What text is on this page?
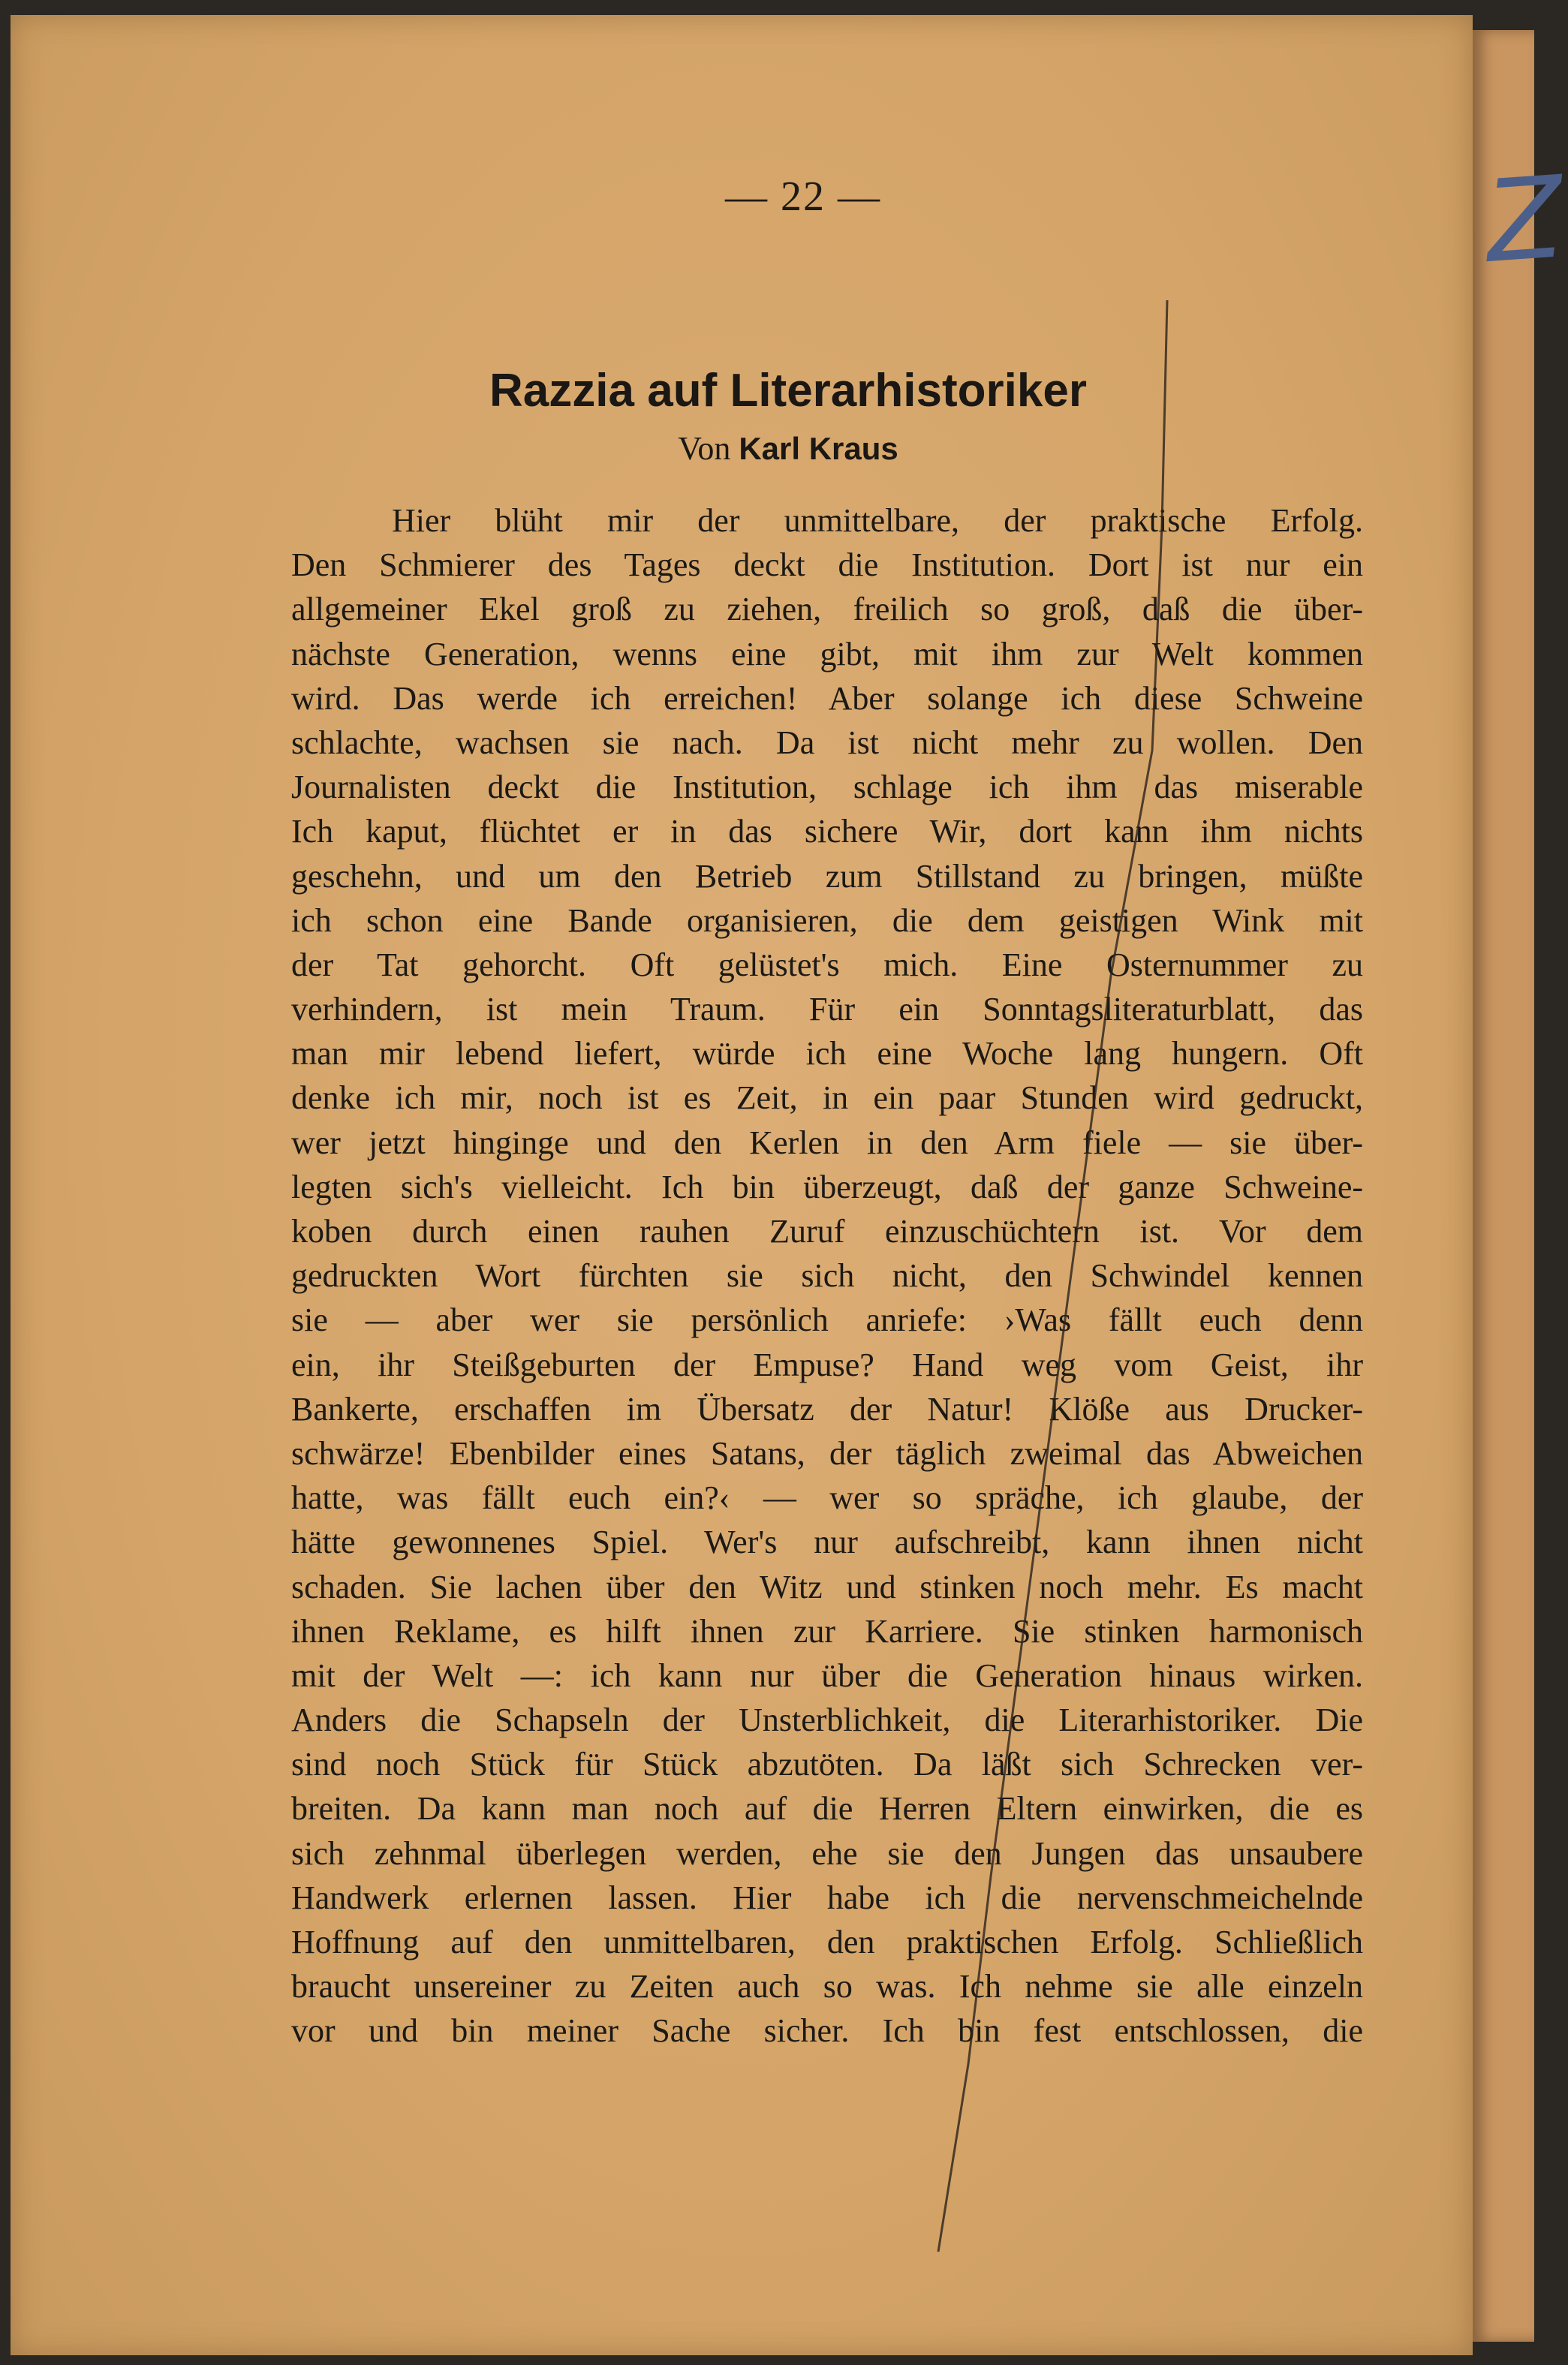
Z
— 22 —
Razzia auf Literarhistoriker
Von Karl Kraus
Hier blüht mir der unmittelbare, der praktische Erfolg.
Den Schmierer des Tages deckt die Institution. Dort ist nur ein
allgemeiner Ekel groß zu ziehen, freilich so groß, daß die über-
nächste Generation, wenns eine gibt, mit ihm zur Welt kommen
wird. Das werde ich erreichen! Aber solange ich diese Schweine
schlachte, wachsen sie nach. Da ist nicht mehr zu wollen. Den
Journalisten deckt die Institution, schlage ich ihm das miserable
Ich kaput, flüchtet er in das sichere Wir, dort kann ihm nichts
geschehn, und um den Betrieb zum Stillstand zu bringen, müßte
ich schon eine Bande organisieren, die dem geistigen Wink mit
der Tat gehorcht. Oft gelüstet's mich. Eine Osternummer zu
verhindern, ist mein Traum. Für ein Sonntagsliteraturblatt, das
man mir lebend liefert, würde ich eine Woche lang hungern. Oft
denke ich mir, noch ist es Zeit, in ein paar Stunden wird gedruckt,
wer jetzt hinginge und den Kerlen in den Arm fiele — sie über-
legten sich's vielleicht. Ich bin überzeugt, daß der ganze Schweine-
koben durch einen rauhen Zuruf einzuschüchtern ist. Vor dem
gedruckten Wort fürchten sie sich nicht, den Schwindel kennen
sie — aber wer sie persönlich anriefe: ›Was fällt euch denn
ein, ihr Steißgeburten der Empuse? Hand weg vom Geist, ihr
Bankerte, erschaffen im Übersatz der Natur! Klöße aus Drucker-
schwärze! Ebenbilder eines Satans, der täglich zweimal das Abweichen
hatte, was fällt euch ein?‹ — wer so spräche, ich glaube, der
hätte gewonnenes Spiel. Wer's nur aufschreibt, kann ihnen nicht
schaden. Sie lachen über den Witz und stinken noch mehr. Es macht
ihnen Reklame, es hilft ihnen zur Karriere. Sie stinken harmonisch
mit der Welt —: ich kann nur über die Generation hinaus wirken.
Anders die Schapseln der Unsterblichkeit, die Literarhistoriker. Die
sind noch Stück für Stück abzutöten. Da läßt sich Schrecken ver-
breiten. Da kann man noch auf die Herren Eltern einwirken, die es
sich zehnmal überlegen werden, ehe sie den Jungen das unsaubere
Handwerk erlernen lassen. Hier habe ich die nervenschmeichelnde
Hoffnung auf den unmittelbaren, den praktischen Erfolg. Schließlich
braucht unsereiner zu Zeiten auch so was. Ich nehme sie alle einzeln
vor und bin meiner Sache sicher. Ich bin fest entschlossen, die
